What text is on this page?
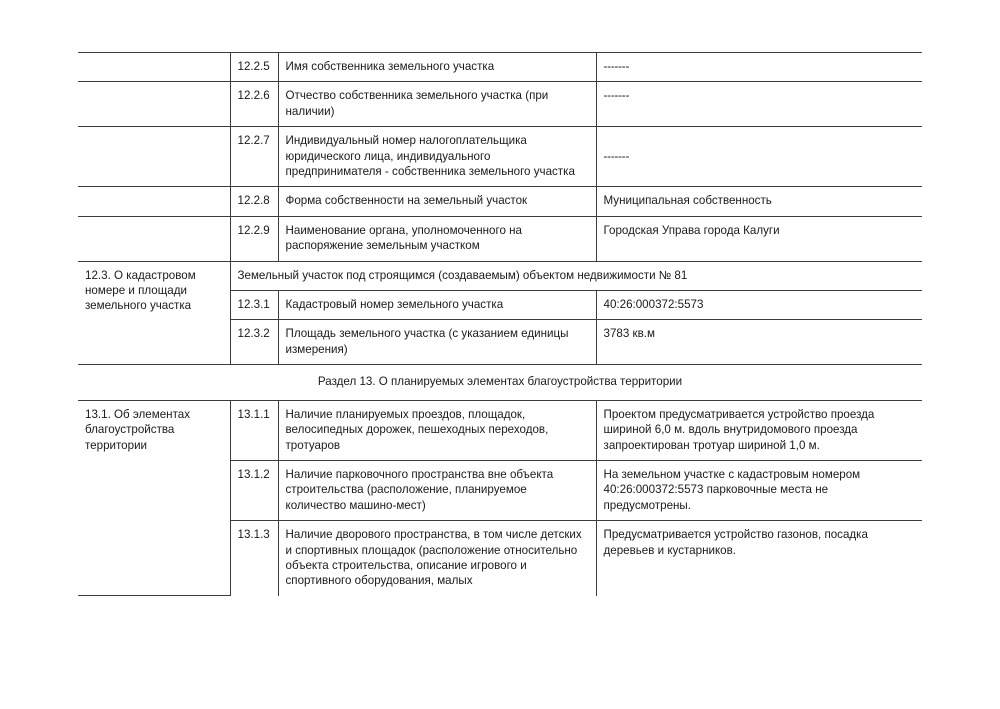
	12.2.5	Имя собственника земельного участка	-------
	12.2.6	Отчество собственника земельного участка (при наличии)	-------
	12.2.7	Индивидуальный номер налогоплательщика юридического лица, индивидуального предпринимателя - собственника земельного участка	-------
	12.2.8	Форма собственности на земельный участок	Муниципальная собственность
	12.2.9	Наименование органа, уполномоченного на распоряжение земельным участком	Городская Управа города Калуги
12.3. О кадастровом номере и площади земельного участка	Земельный участок под строящимся (создаваемым) объектом недвижимости № 81		
	12.3.1	Кадастровый номер земельного участка	40:26:000372:5573
	12.3.2	Площадь земельного участка (с указанием единицы измерения)	3783 кв.м
Раздел 13. О планируемых элементах благоустройства территории			
13.1. Об элементах благоустройства территории	13.1.1	Наличие планируемых проездов, площадок, велосипедных дорожек, пешеходных переходов, тротуаров	Проектом предусматривается устройство проезда шириной 6,0 м. вдоль внутридомового проезда запроектирован тротуар шириной 1,0 м.
	13.1.2	Наличие парковочного пространства вне объекта строительства (расположение, планируемое количество машино-мест)	На земельном участке с кадастровым номером 40:26:000372:5573 парковочные места не предусмотрены.
	13.1.3	Наличие дворового пространства, в том числе детских и спортивных площадок (расположение относительно объекта строительства, описание игрового и спортивного оборудования, малых	Предусматривается устройство газонов, посадка деревьев и кустарников.
